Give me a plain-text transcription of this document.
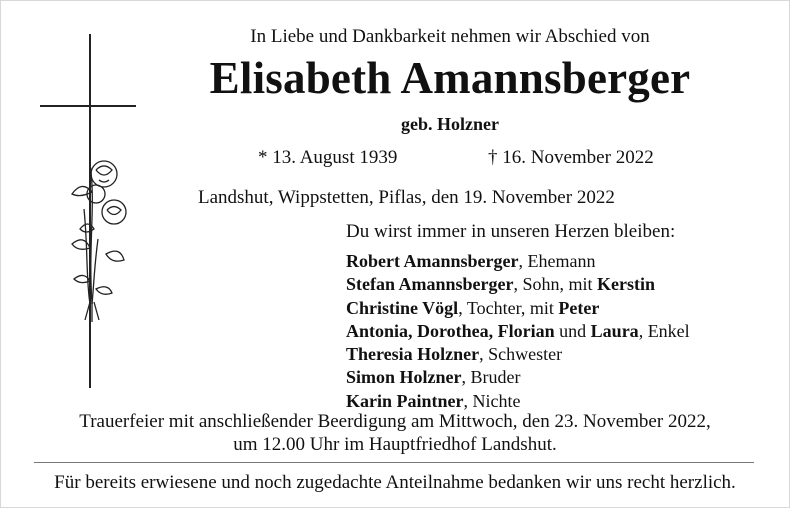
In Liebe und Dankbarkeit nehmen wir Abschied von
Elisabeth Amannsberger
geb. Holzner
* 13. August 1939	† 16. November 2022
Landshut, Wippstetten, Piflas, den 19. November 2022
Du wirst immer in unseren Herzen bleiben:
Robert Amannsberger, Ehemann
Stefan Amannsberger, Sohn, mit Kerstin
Christine Vögl, Tochter, mit Peter
Antonia, Dorothea, Florian und Laura, Enkel
Theresia Holzner, Schwester
Simon Holzner, Bruder
Karin Paintner, Nichte
Trauerfeier mit anschließender Beerdigung am Mittwoch, den 23. November 2022,
um 12.00 Uhr im Hauptfriedhof Landshut.
Für bereits erwiesene und noch zugedachte Anteilnahme bedanken wir uns recht herzlich.
